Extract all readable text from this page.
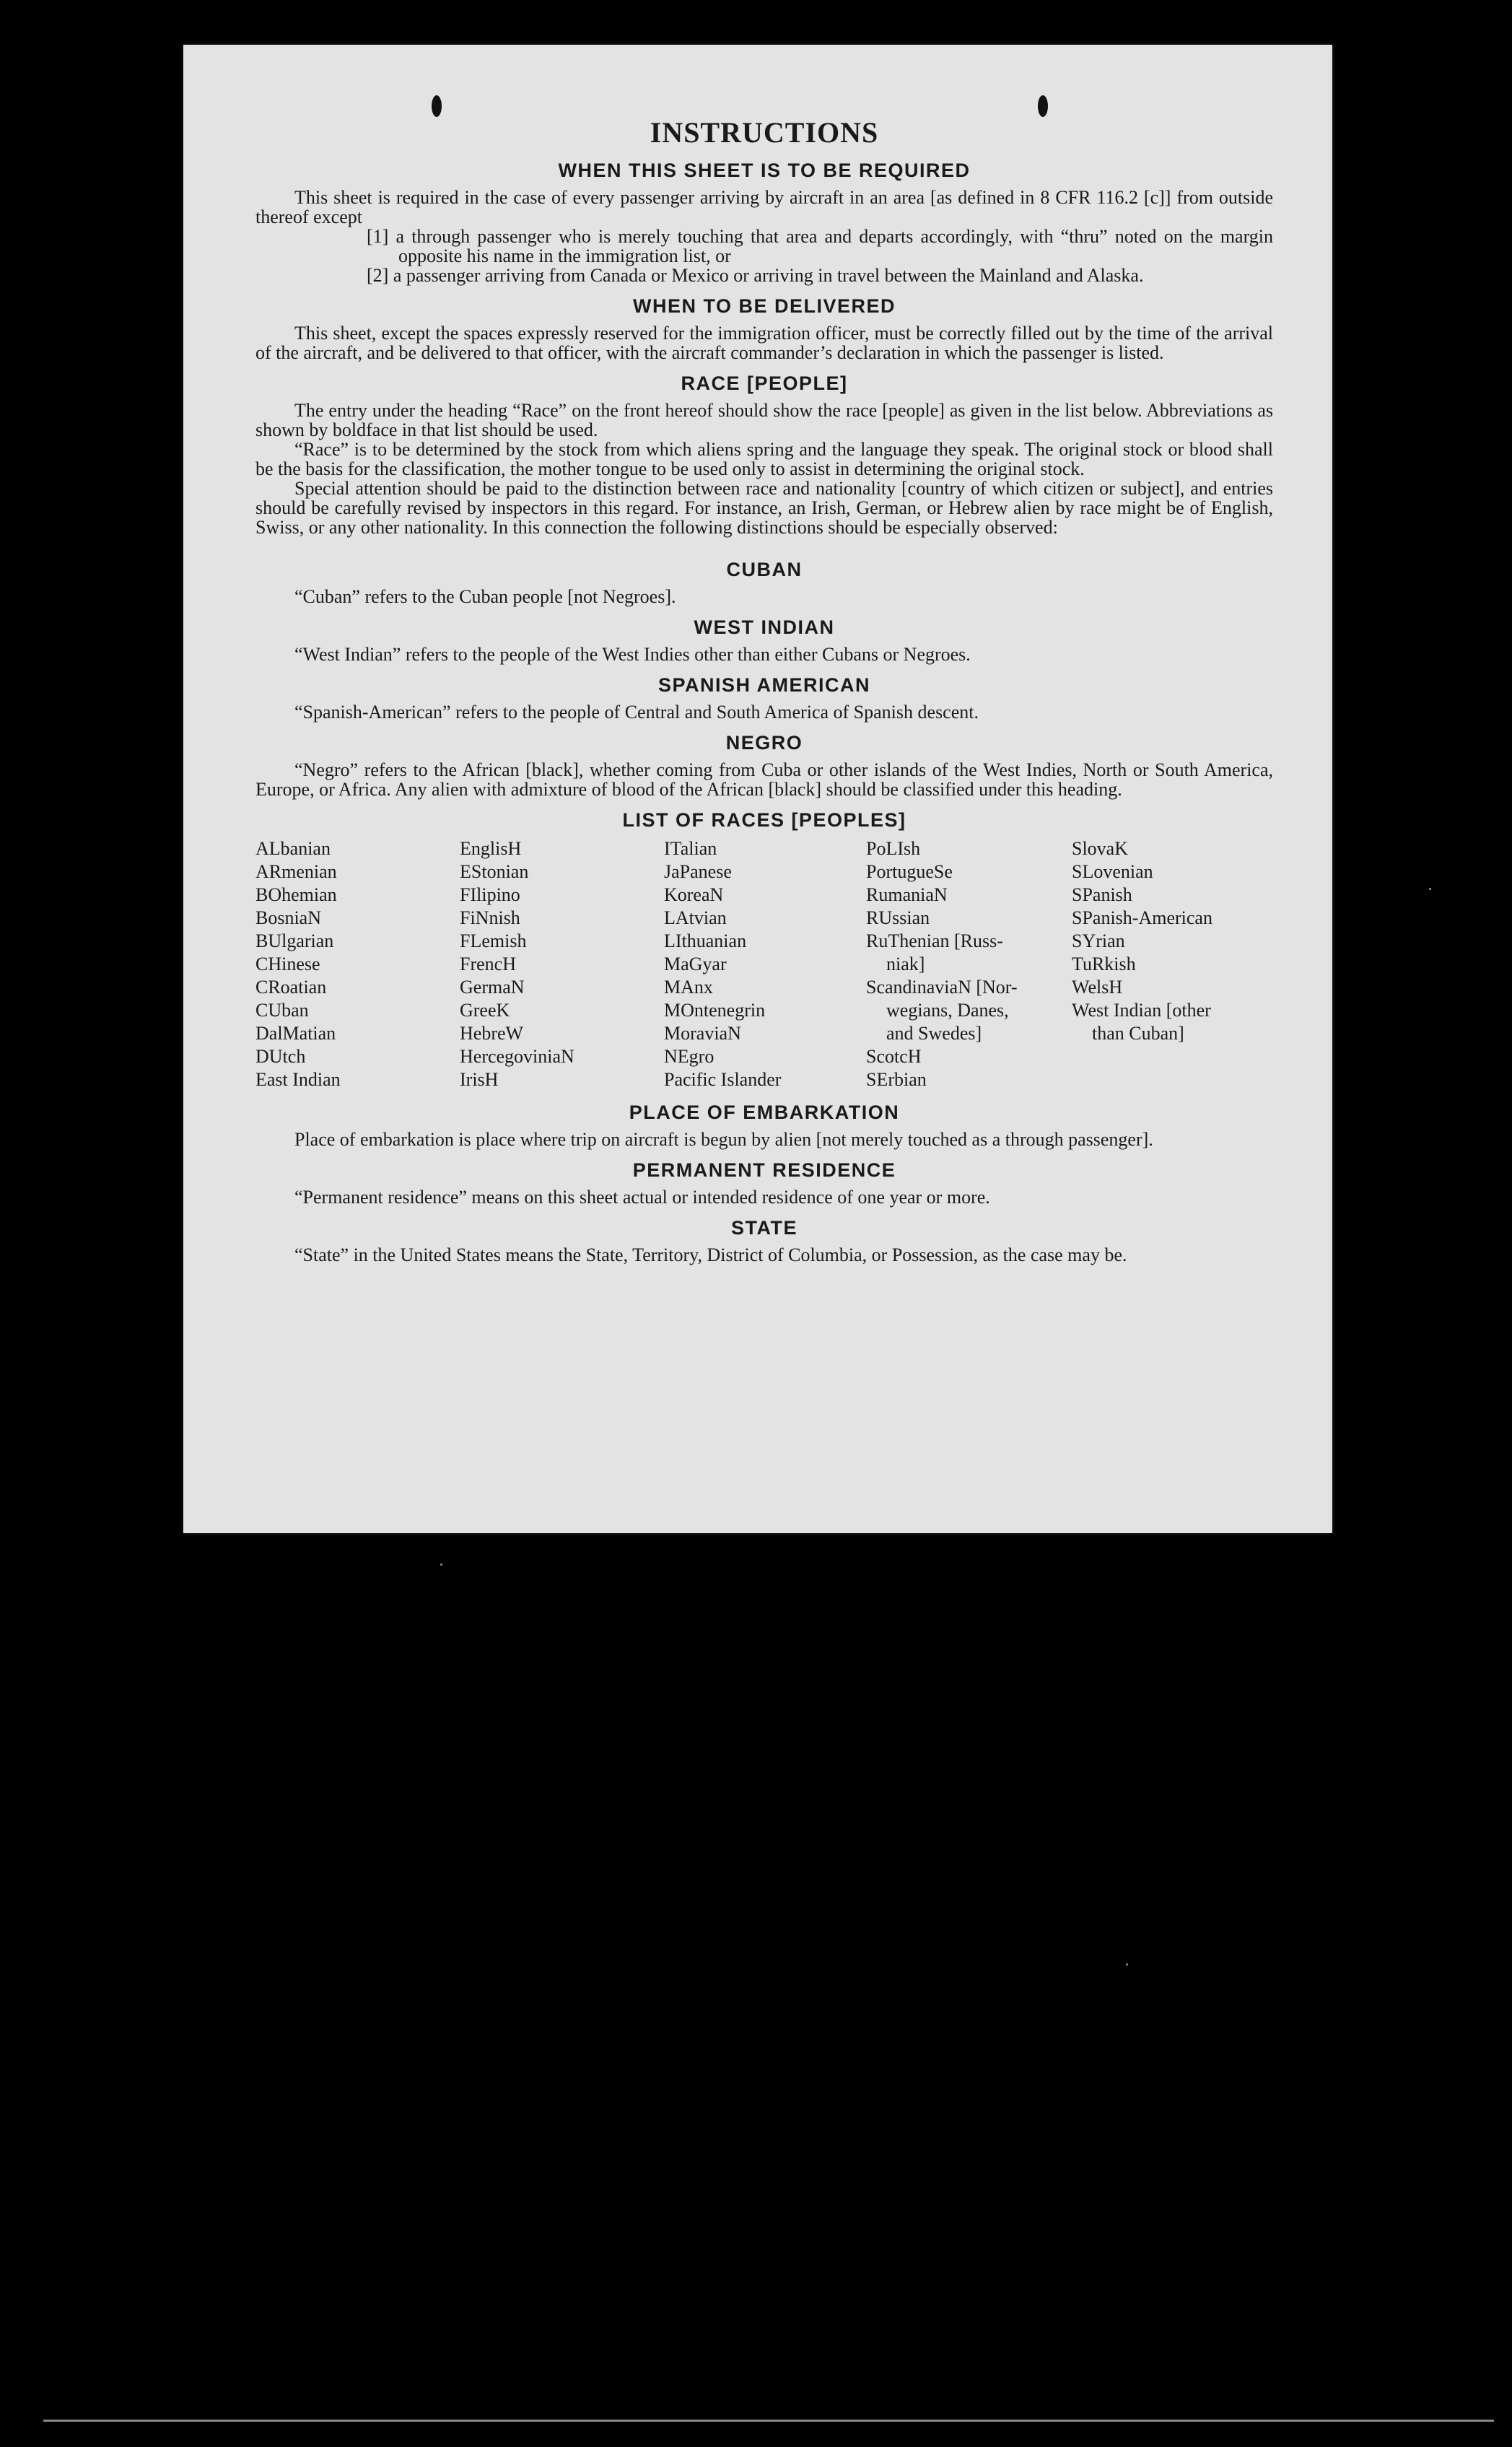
INSTRUCTIONS
WHEN THIS SHEET IS TO BE REQUIRED

This sheet is required in the case of every passenger arriving by aircraft in an area [as defined in 8 CFR 116.2 [c]] from outside thereof except

[1] a through passenger who is merely touching that area and departs accordingly, with “thru” noted on the margin opposite his name in the immigration list, or

[2] a passenger arriving from Canada or Mexico or arriving in travel between the Mainland and Alaska.

WHEN TO BE DELIVERED

This sheet, except the spaces expressly reserved for the immigration officer, must be correctly filled out by the time of the arrival of the aircraft, and be delivered to that officer, with the aircraft commander’s declaration in which the passenger is listed.

RACE [PEOPLE]

The entry under the heading “Race” on the front hereof should show the race [people] as given in the list below. Abbreviations as shown by boldface in that list should be used.

“Race” is to be determined by the stock from which aliens spring and the language they speak. The original stock or blood shall be the basis for the classification, the mother tongue to be used only to assist in determining the original stock.

Special attention should be paid to the distinction between race and nationality [country of which citizen or subject], and entries should be carefully revised by inspectors in this regard. For instance, an Irish, German, or Hebrew alien by race might be of English, Swiss, or any other nationality. In this connection the following distinctions should be especially observed:

CUBAN

“Cuban” refers to the Cuban people [not Negroes].

WEST INDIAN

“West Indian” refers to the people of the West Indies other than either Cubans or Negroes.

SPANISH AMERICAN

“Spanish-American” refers to the people of Central and South America of Spanish descent.

NEGRO

“Negro” refers to the African [black], whether coming from Cuba or other islands of the West Indies, North or South America, Europe, or Africa. Any alien with admixture of blood of the African [black] should be classified under this heading.

LIST OF RACES [PEOPLES]
ALbanian
ARmenian
BOhemian
BosniaN
BUlgarian
CHinese
CRoatian
CUban
DalMatian
DUtch
East Indian
EnglisH
EStonian
FIlipino
FiNnish
FLemish
FrencH
GermaN
GreeK
HebreW
HercegoviniaN
IrisH
ITalian
JaPanese
KoreaN
LAtvian
LIthuanian
MaGyar
MAnx
MOntenegrin
MoraviaN
NEgro
Pacific Islander
PoLIsh
PortugueSe
RumaniaN
RUssian
RuThenian [Russ-
niak]
ScandinaviaN [Nor-
wegians, Danes,
and Swedes]
ScotcH
SErbian
SlovaK
SLovenian
SPanish
SPanish-American
SYrian
TuRkish
WelsH
West Indian [other
than Cuban]
PLACE OF EMBARKATION

Place of embarkation is place where trip on aircraft is begun by alien [not merely touched as a through passenger].

PERMANENT RESIDENCE

“Permanent residence” means on this sheet actual or intended residence of one year or more.

STATE

“State” in the United States means the State, Territory, District of Columbia, or Possession, as the case may be.
